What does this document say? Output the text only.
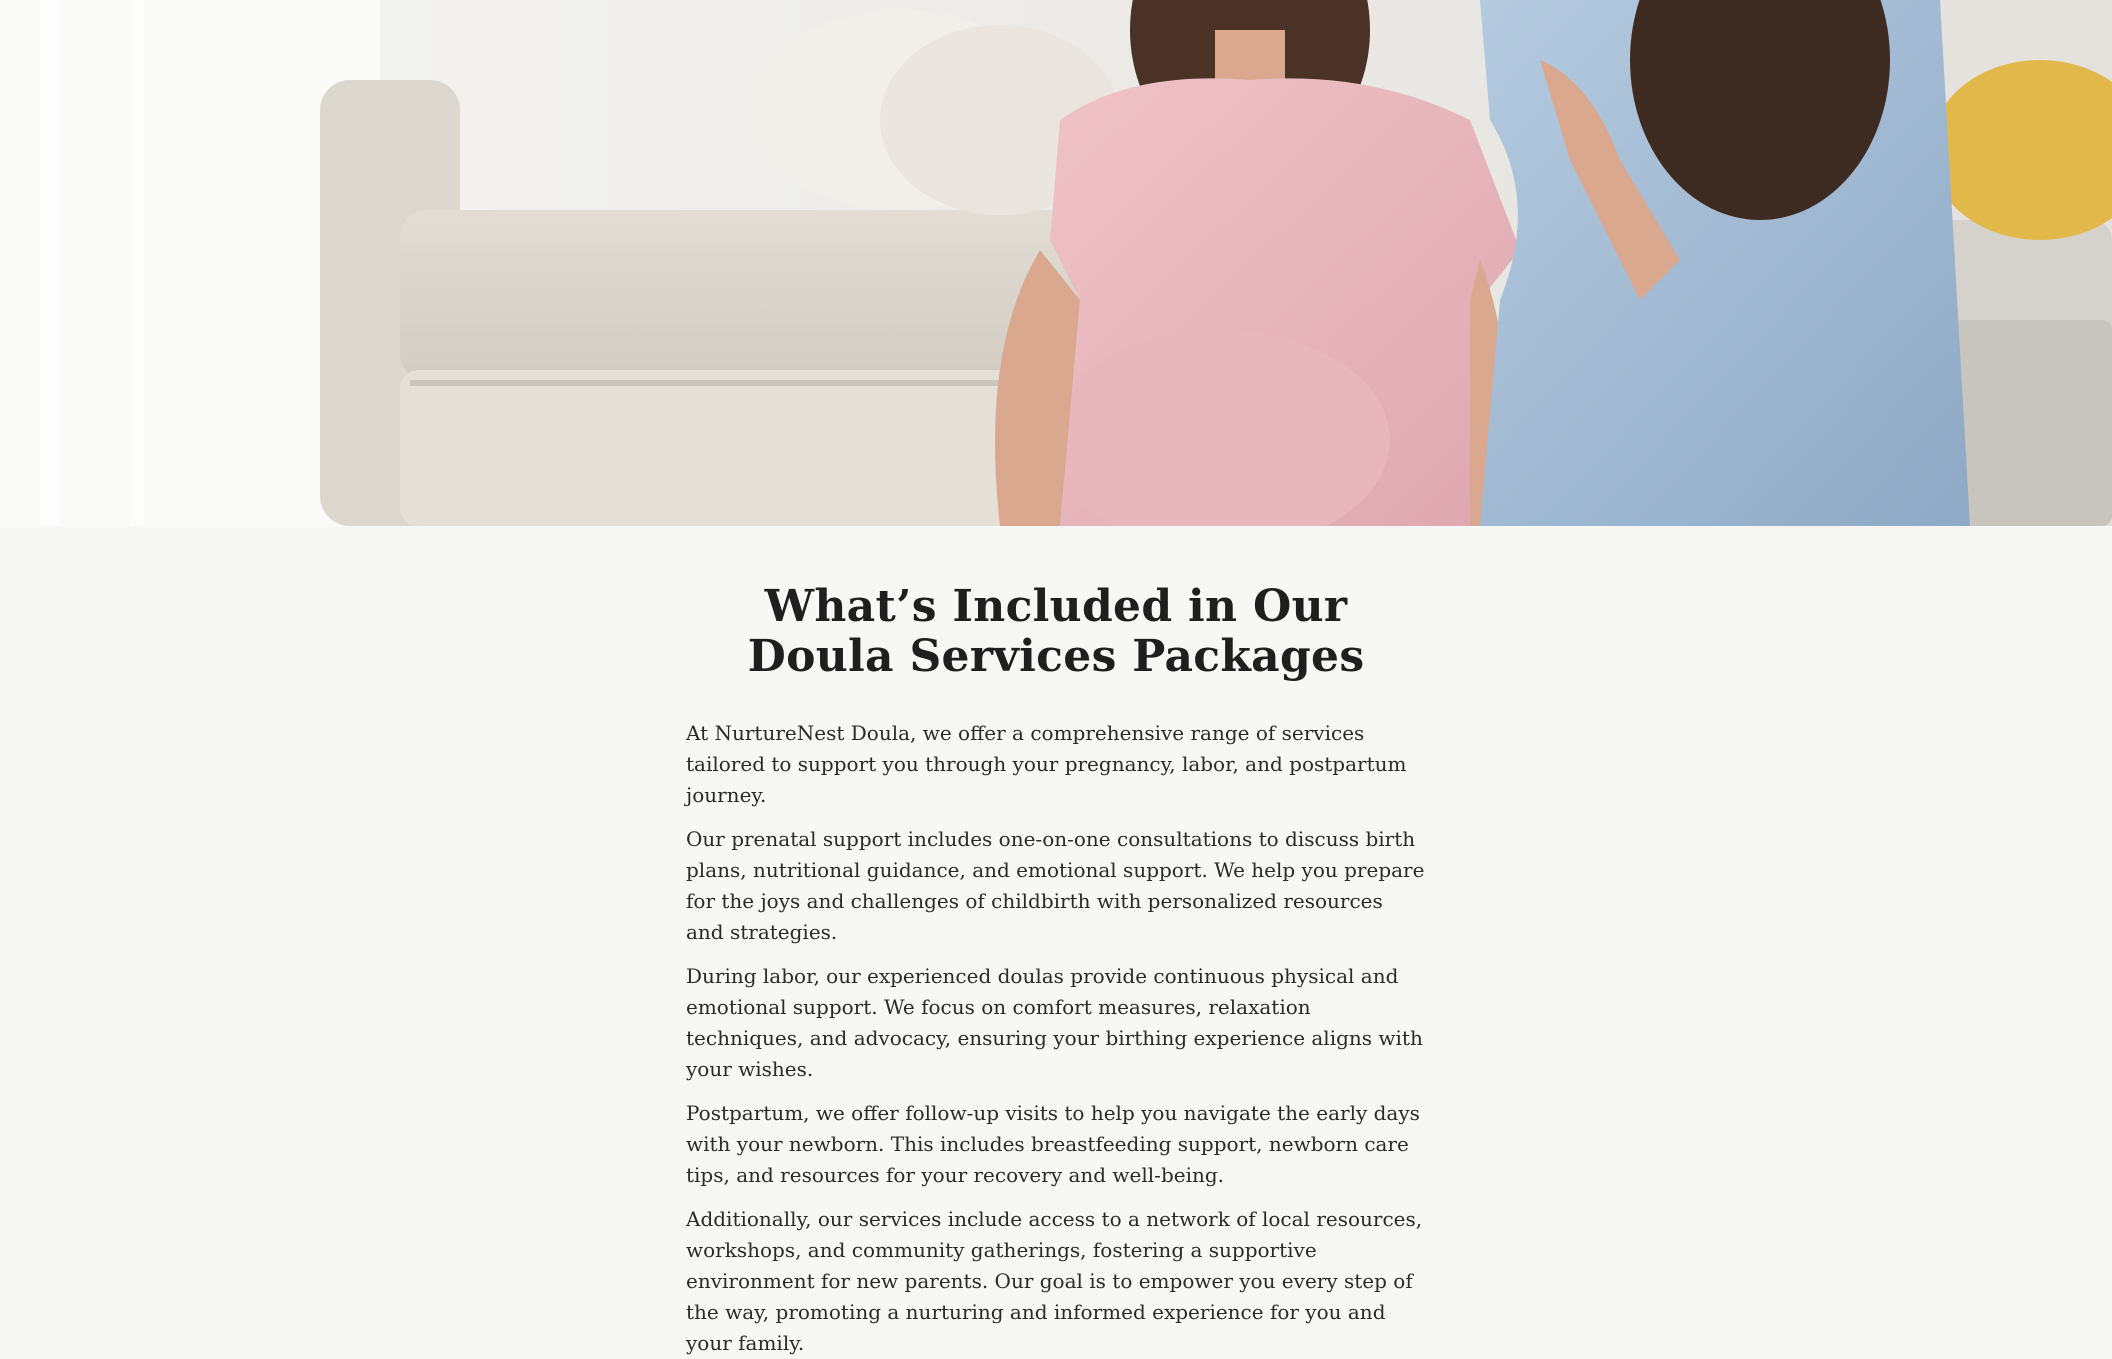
What’s Included in Our Doula Services Packages

At NurtureNest Doula, we offer a comprehensive range of services tailored to support you through your pregnancy, labor, and postpartum journey.

Our prenatal support includes one-on-one consultations to discuss birth plans, nutritional guidance, and emotional support. We help you prepare for the joys and challenges of childbirth with personalized resources and strategies.

During labor, our experienced doulas provide continuous physical and emotional support. We focus on comfort measures, relaxation techniques, and advocacy, ensuring your birthing experience aligns with your wishes.

Postpartum, we offer follow-up visits to help you navigate the early days with your newborn. This includes breastfeeding support, newborn care tips, and resources for your recovery and well-being.

Additionally, our services include access to a network of local resources, workshops, and community gatherings, fostering a supportive environment for new parents. Our goal is to empower you every step of the way, promoting a nurturing and informed experience for you and your family.
